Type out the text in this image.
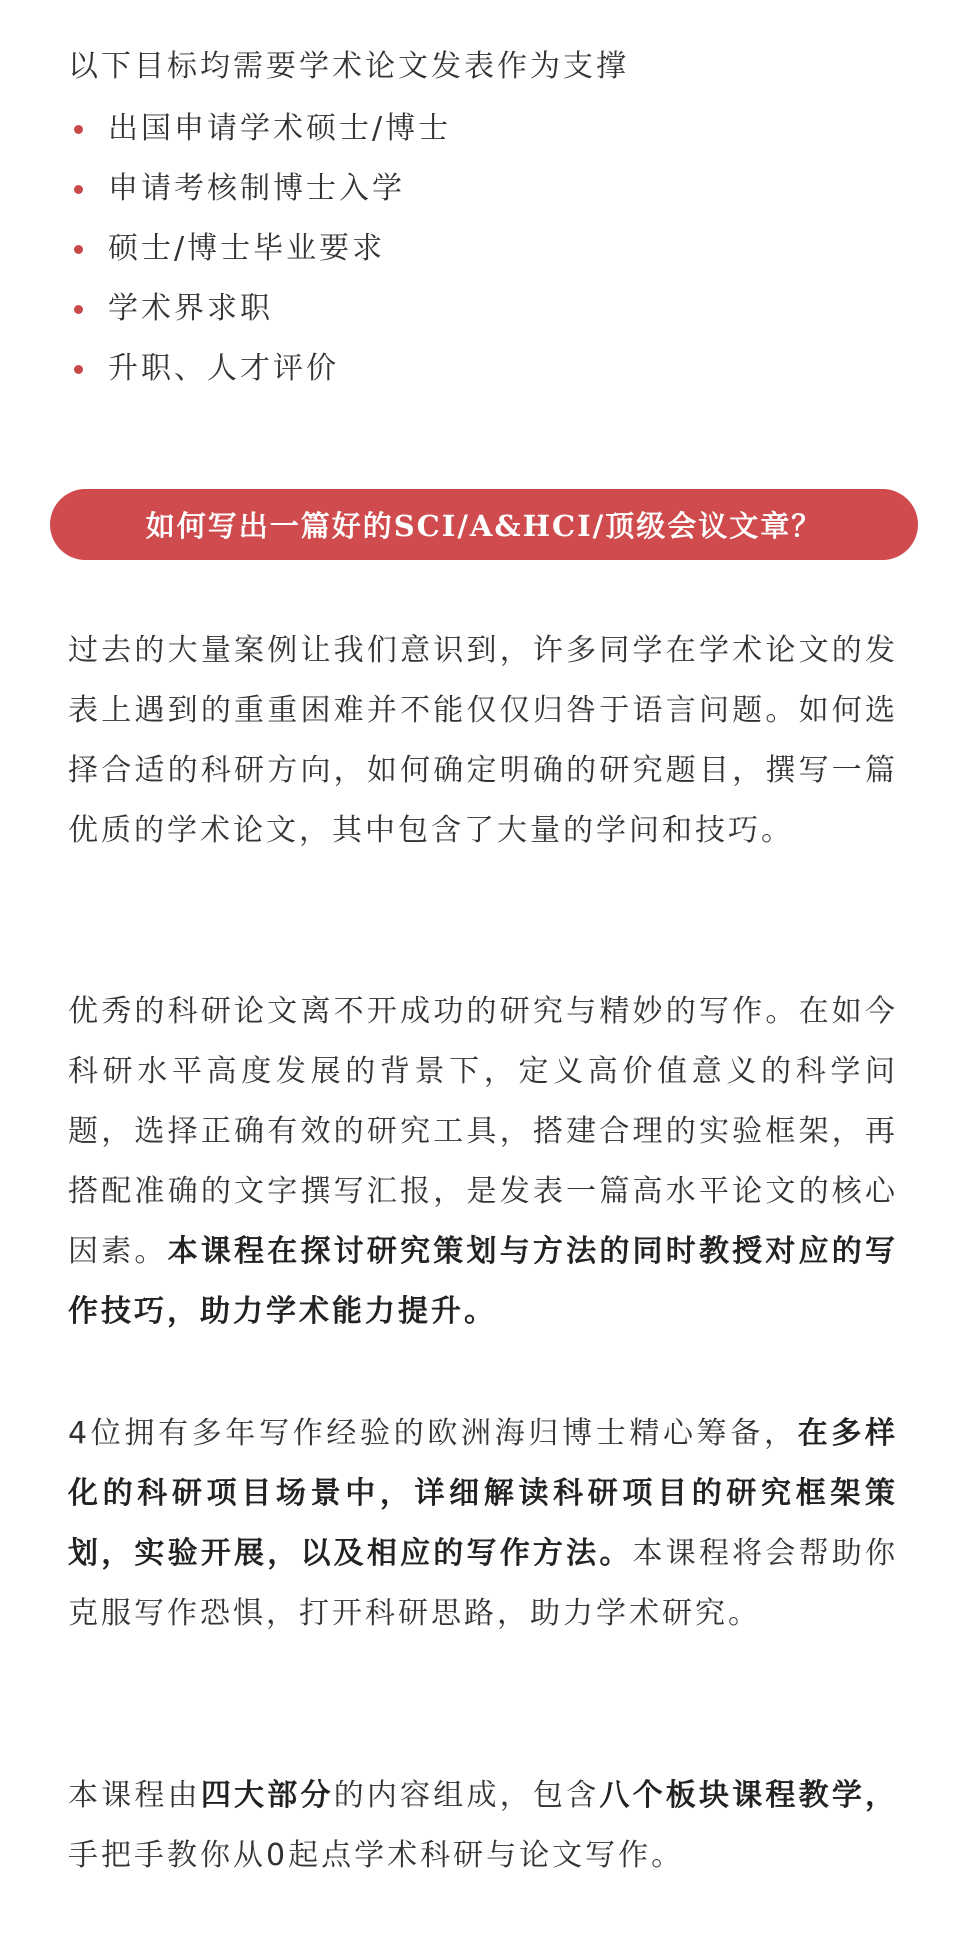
以下目标均需要学术论文发表作为支撑
出国申请学术硕士/博士
申请考核制博士入学
硕士/博士毕业要求
学术界求职
升职、人才评价
如何写出一篇好的SCI/A&HCI/顶级会议文章？

过去的大量案例让我们意识到，许多同学在学术论文的发表上遇到的重重困难并不能仅仅归咎于语言问题。如何选择合适的科研方向，如何确定明确的研究题目，撰写一篇优质的学术论文，其中包含了大量的学问和技巧。

优秀的科研论文离不开成功的研究与精妙的写作。在如今科研水平高度发展的背景下，定义高价值意义的科学问题，选择正确有效的研究工具，搭建合理的实验框架，再搭配准确的文字撰写汇报，是发表一篇高水平论文的核心因素。本课程在探讨研究策划与方法的同时教授对应的写作技巧，助力学术能力提升。

4位拥有多年写作经验的欧洲海归博士精心筹备，在多样化的科研项目场景中，详细解读科研项目的研究框架策划，实验开展，以及相应的写作方法。本课程将会帮助你克服写作恐惧，打开科研思路，助力学术研究。

本课程由四大部分的内容组成，包含八个板块课程教学，手把手教你从0起点学术科研与论文写作。
